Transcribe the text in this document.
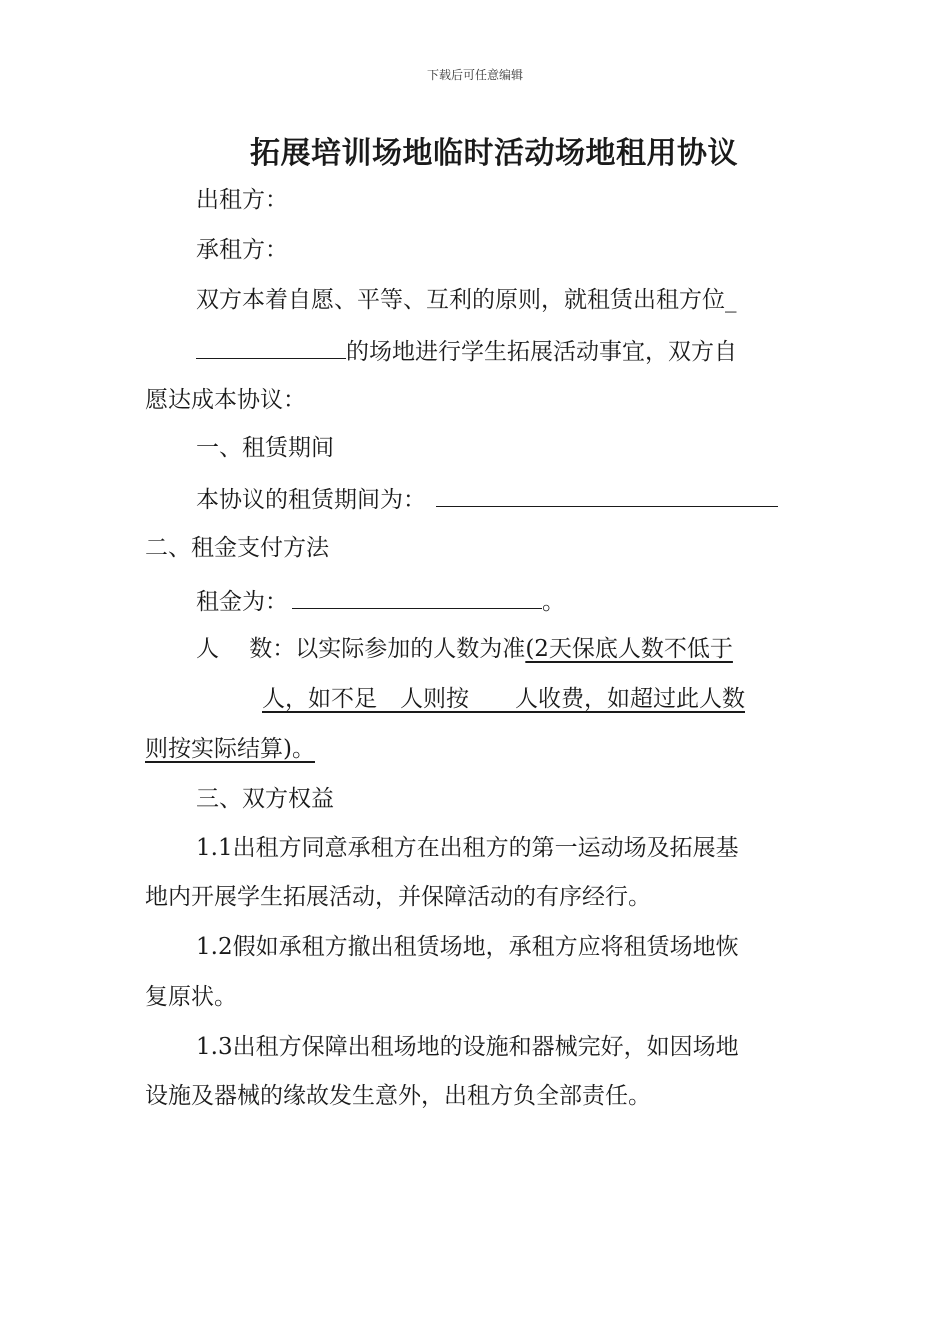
下载后可任意编辑
拓展培训场地临时活动场地租用协议
出租方：
承租方：
双方本着自愿、平等、互利的原则，就租赁出租方位_
的场地进行学生拓展活动事宜，双方自
愿达成本协议：
一、租赁期间
本协议的租赁期间为：
二、租金支付方法
租金为：	。
人　 数：以实际参加的人数为准(2天保底人数不低于
人，如不足　人则按　　人收费，如超过此人数
则按实际结算)。
三、双方权益
1.1出租方同意承租方在出租方的第一运动场及拓展基
地内开展学生拓展活动，并保障活动的有序经行。
1.2假如承租方撤出租赁场地，承租方应将租赁场地恢
复原状。
1.3出租方保障出租场地的设施和器械完好，如因场地
设施及器械的缘故发生意外，出租方负全部责任。
